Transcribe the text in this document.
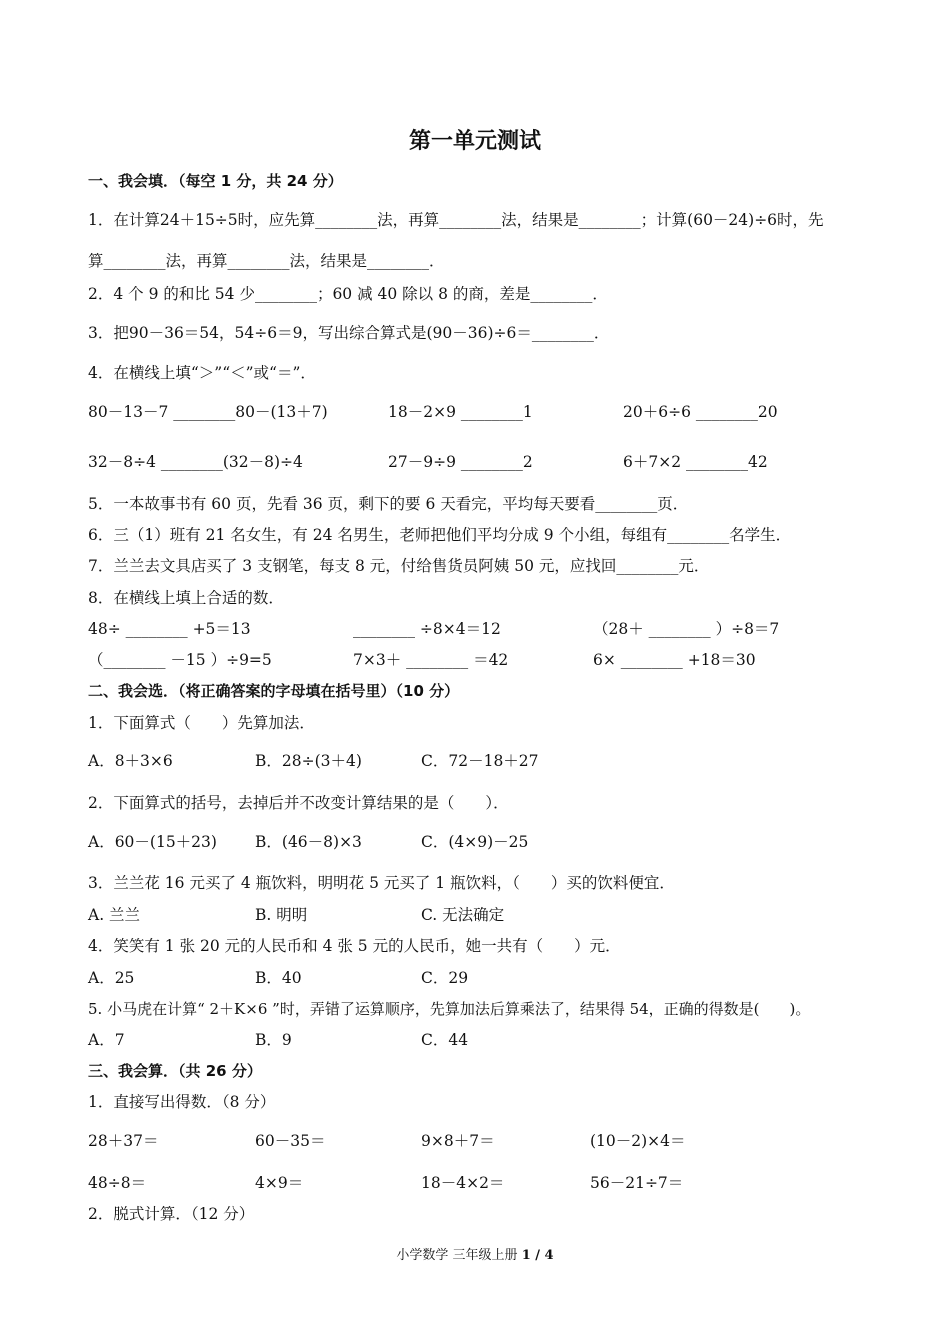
第一单元测试
一、我会填．（每空 1 分，共 24 分）
1．在计算24＋15÷5时，应先算________法，再算________法，结果是________；计算(60－24)÷6时，先
算________法，再算________法，结果是________．
2．4 个 9 的和比 54 少________；60 减 40 除以 8 的商，差是________．
3．把90－36＝54，54÷6＝9，写出综合算式是(90－36)÷6＝________．
4．在横线上填“＞”“＜”或“＝”．
80－13－7 ________80－(13＋7)	18－2×9 ________1	20＋6÷6 ________20
32－8÷4 ________(32－8)÷4	27－9÷9 ________2	6＋7×2 ________42
5．一本故事书有 60 页，先看 36 页，剩下的要 6 天看完，平均每天要看________页．
6．三（1）班有 21 名女生，有 24 名男生，老师把他们平均分成 9 个小组，每组有________名学生．
7．兰兰去文具店买了 3 支钢笔，每支 8 元，付给售货员阿姨 50 元，应找回________元．
8．在横线上填上合适的数．
48÷ ________ +5＝13	________ ÷8×4＝12	（28＋ ________ ）÷8＝7
（________ －15 ）÷9=5	7×3＋ ________ ＝42	6× ________ +18＝30
二、我会选．（将正确答案的字母填在括号里）（10 分）
1．下面算式（　　）先算加法．
A．8＋3×6	B．28÷(3＋4)	C．72－18＋27
2．下面算式的括号，去掉后并不改变计算结果的是（　　）．
A．60－(15＋23) B．(46－8)×3	C．(4×9)－25
3．兰兰花 16 元买了 4 瓶饮料，明明花 5 元买了 1 瓶饮料，（　　）买的饮料便宜．
A. 兰兰	B. 明明	C. 无法确定
4．笑笑有 1 张 20 元的人民币和 4 张 5 元的人民币，她一共有（　　）元．
A．25	B．40	C．29
5. 小马虎在计算“ 2＋K×6 ”时，弄错了运算顺序，先算加法后算乘法了，结果得 54，正确的得数是(　　)。
A．7	B．9	C．44
三、我会算．（共 26 分）
1．直接写出得数．（8 分）
28＋37＝	60－35＝	9×8＋7＝	(10－2)×4＝
48÷8＝	4×9＝	18－4×2＝	56－21÷7＝
2．脱式计算．（12 分）
小学数学 三年级上册 1 / 4
